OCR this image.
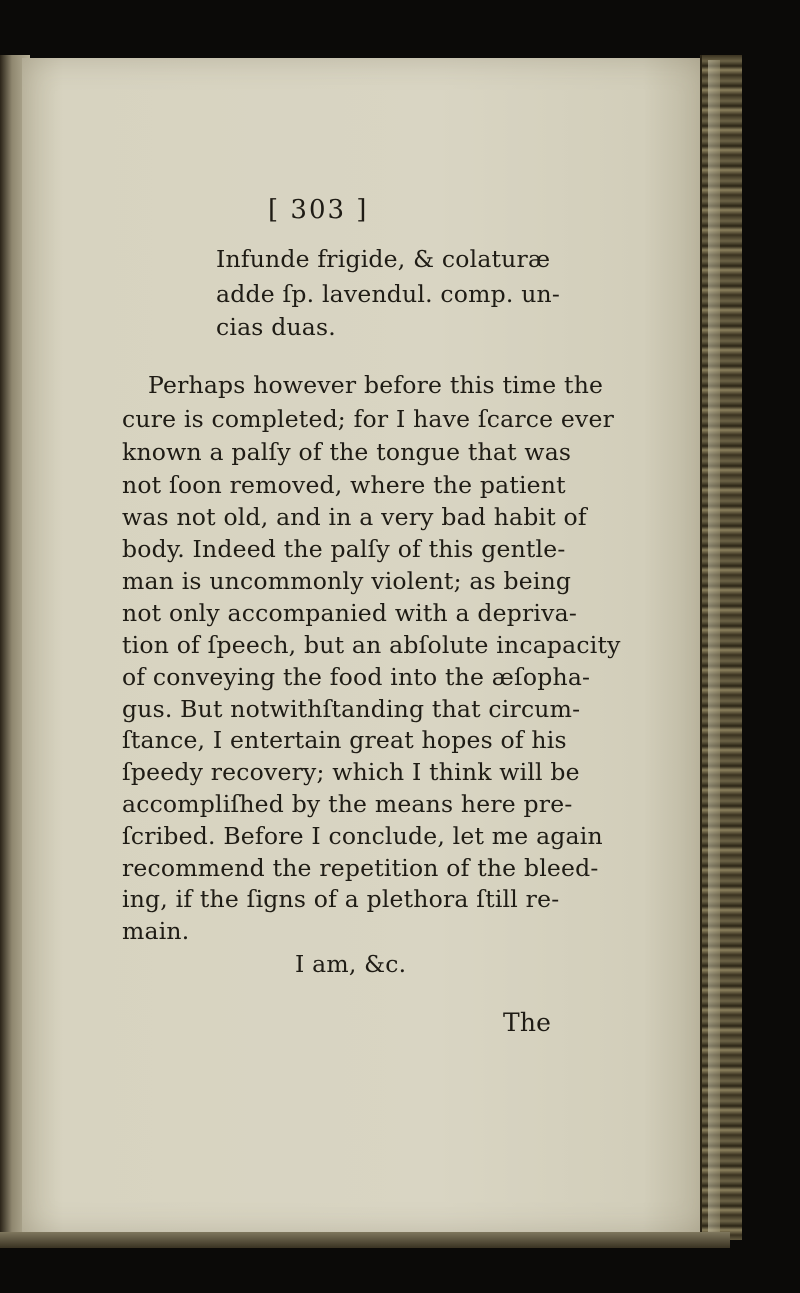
[ 303 ]
Infunde frigide, & colaturæ
adde ſp. lavendul. comp. un-
cias duas.
Perhaps however before this time the
cure is completed; for I have ſcarce ever
known a palſy of the tongue that was
not ſoon removed, where the patient
was not old, and in a very bad habit of
body. Indeed the palſy of this gentle-
man is uncommonly violent; as being
not only accompanied with a depriva-
tion of ſpeech, but an abſolute incapacity
of conveying the food into the æſopha-
gus. But notwithſtanding that circum-
ſtance, I entertain great hopes of his
ſpeedy recovery; which I think will be
accompliſhed by the means here pre-
ſcribed. Before I conclude, let me again
recommend the repetition of the bleed-
ing, if the ſigns of a plethora ſtill re-
main.
I am, &c.
The
